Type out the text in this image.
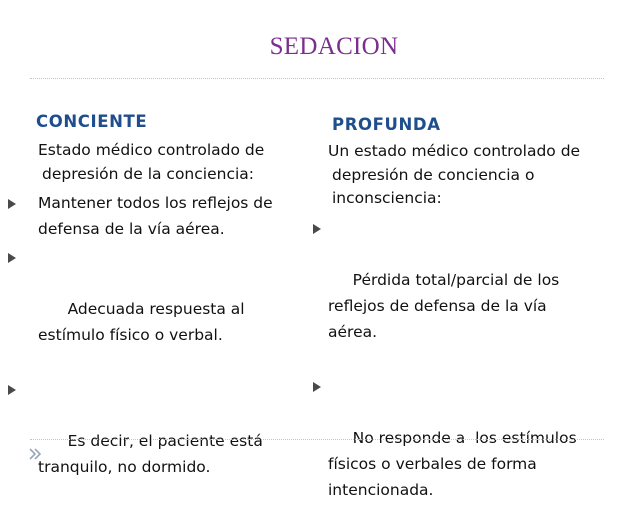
SEDACION
CONCIENTE
Estado médico controlado de depresión de la conciencia:
Mantener todos los reflejos de defensa de la vía aérea.

Adecuada respuesta al estímulo físico o verbal.

Es decir, el paciente está tranquilo, no dormido.

PROFUNDA
Un estado médico controlado de depresión de conciencia o inconsciencia:

Pérdida total/parcial de los reflejos de defensa de la vía aérea.

No responde a  los estímulos físicos o verbales de forma intencionada.
